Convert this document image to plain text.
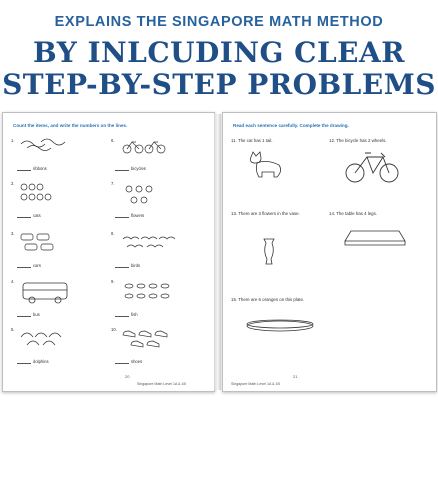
EXPLAINS THE SINGAPORE MATH METHOD
BY INLCUDING CLEAR
STEP-BY-STEP PROBLEMS
Count the items, and write the numbers on the lines.
1.
ribbons
6.
bicycles
2.
cats
7.
flowers
3.
cars
8.
birds
4.
bus
9.
fish
5.
dolphins
10.
shoes
20
Singapore Math Level 1A & 1B
Read each sentence carefully. Complete the drawing.
11. The cat has 1 tail.	12. The bicycle has 2 wheels.
13. There are 3 flowers in the vase.	14. The table has 4 legs.
15. There are 6 oranges on this plate.
Singapore Math Level 1A & 1B
21
